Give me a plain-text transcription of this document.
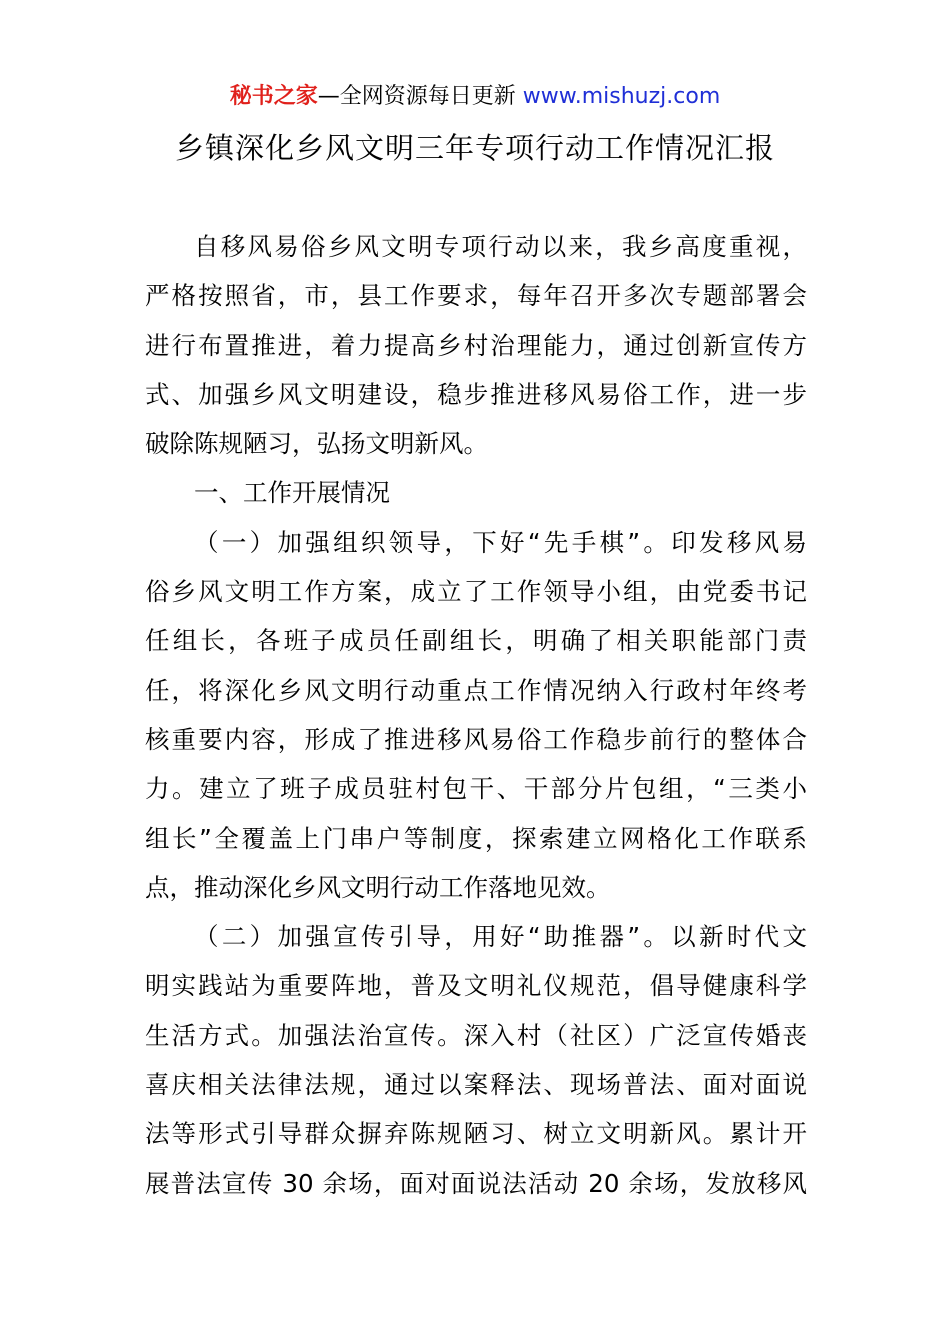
秘书之家—全网资源每日更新 www.mishuzj.com
乡镇深化乡风文明三年专项行动工作情况汇报
自移风易俗乡风文明专项行动以来，我乡高度重视，
严格按照省，市，县工作要求，每年召开多次专题部署会
进行布置推进，着力提高乡村治理能力，通过创新宣传方
式、加强乡风文明建设，稳步推进移风易俗工作，进一步
破除陈规陋习，弘扬文明新风。
一、工作开展情况
（一）加强组织领导，下好“先手棋”。印发移风易
俗乡风文明工作方案，成立了工作领导小组，由党委书记
任组长，各班子成员任副组长，明确了相关职能部门责
任，将深化乡风文明行动重点工作情况纳入行政村年终考
核重要内容，形成了推进移风易俗工作稳步前行的整体合
力。建立了班子成员驻村包干、干部分片包组，“三类小
组长”全覆盖上门串户等制度，探索建立网格化工作联系
点，推动深化乡风文明行动工作落地见效。
（二）加强宣传引导，用好“助推器”。以新时代文
明实践站为重要阵地，普及文明礼仪规范，倡导健康科学
生活方式。加强法治宣传。深入村（社区）广泛宣传婚丧
喜庆相关法律法规，通过以案释法、现场普法、面对面说
法等形式引导群众摒弃陈规陋习、树立文明新风。累计开
展普法宣传 30 余场，面对面说法活动 20 余场，发放移风
